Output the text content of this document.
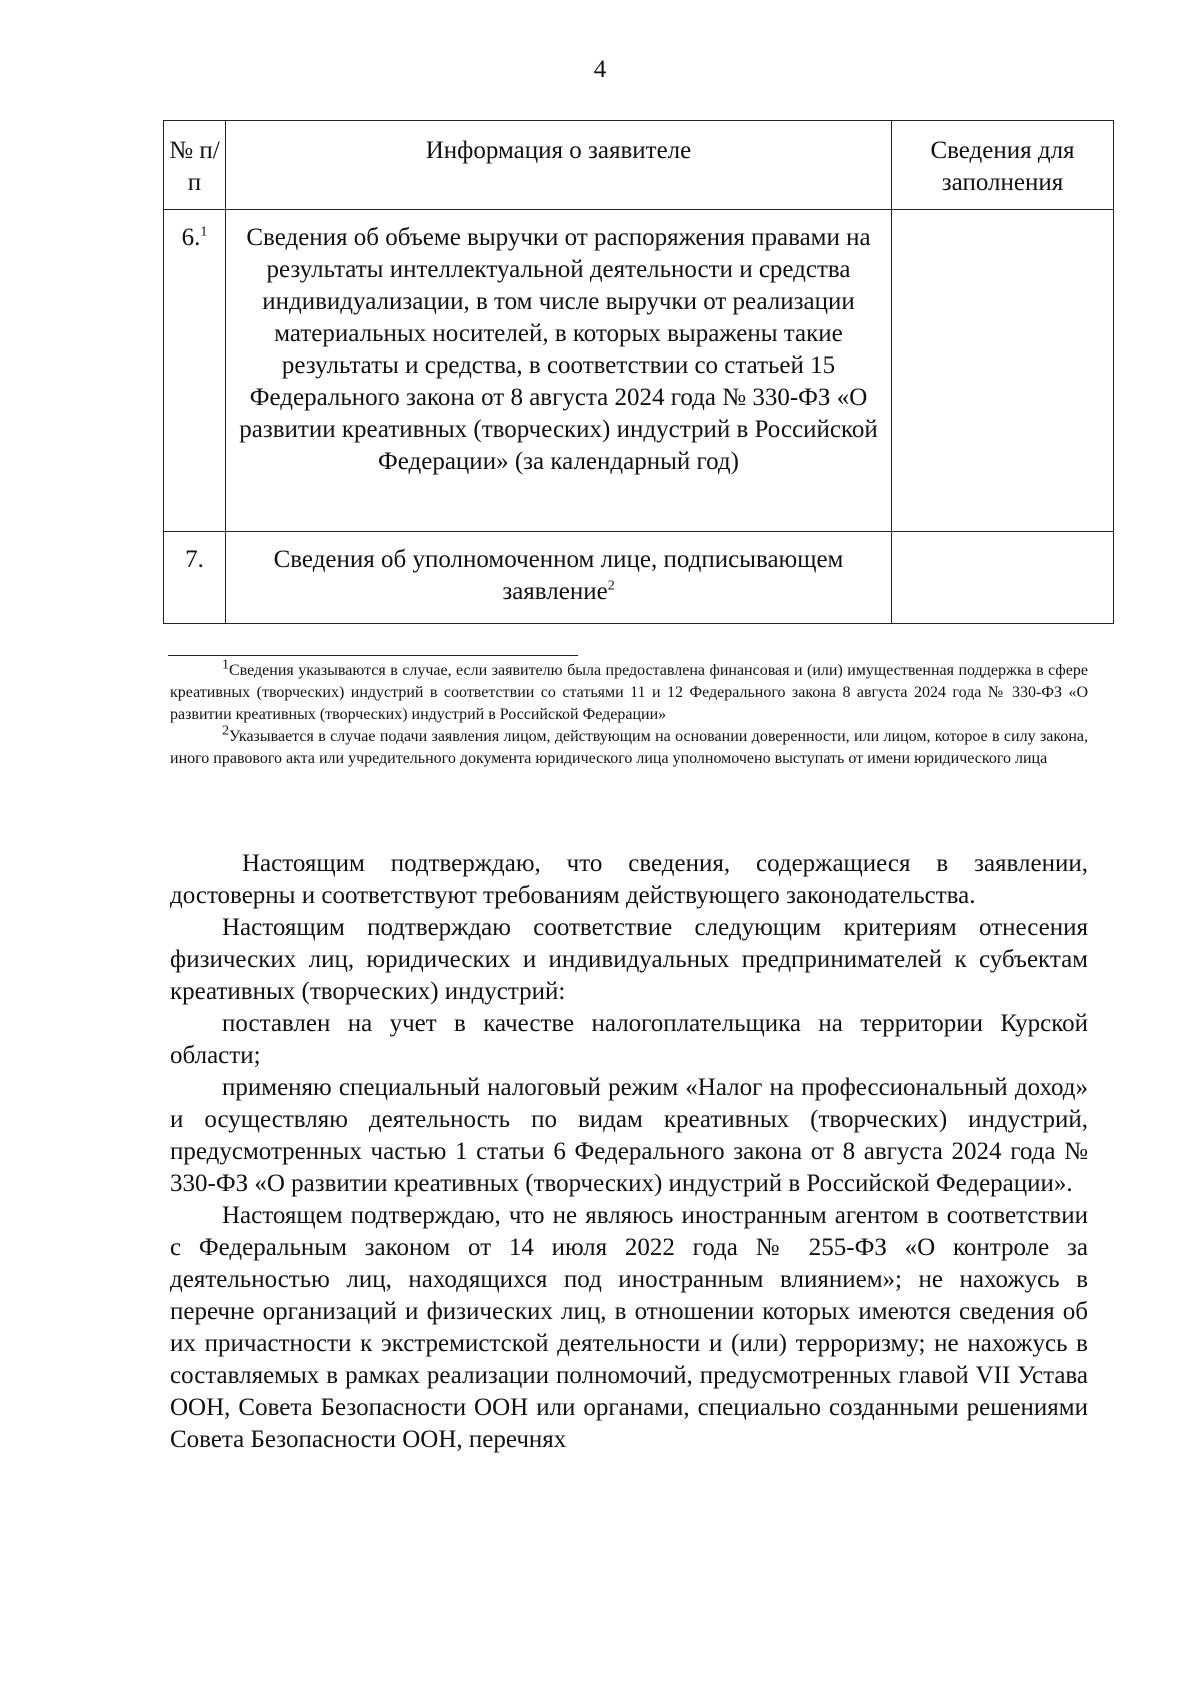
4
№ п/п	Информация о заявителе	Сведения для заполнения
6.$^1$	Сведения об объеме выручки от распоряжения правами на результаты интеллектуальной деятельности и средства индивидуализации, в том числе выручки от реализации материальных носителей, в которых выражены такие результаты и средства, в соответствии со статьей 15 Федерального закона от 8 августа 2024 года № 330-ФЗ «О развитии креативных (творческих) индустрий в Российской Федерации» (за календарный год)	
7.	Сведения об уполномоченном лице, подписывающем заявление$^2$	

$^1$Сведения указываются в случае, если заявителю была предоставлена финансовая и (или) имущественная поддержка в сфере креативных (творческих) индустрий в соответствии со статьями 11 и 12 Федерального закона 8 августа 2024 года № 330-ФЗ «О развитии креативных (творческих) индустрий в Российской Федерации»

$^2$Указывается в случае подачи заявления лицом, действующим на основании доверенности, или лицом, которое в силу закона, иного правового акта или учредительного документа юридического лица уполномочено выступать от имени юридического лица

Настоящим подтверждаю, что сведения, содержащиеся в заявлении, достоверны и соответствуют требованиям действующего законодательства.

Настоящим подтверждаю соответствие следующим критериям отнесения физических лиц, юридических и индивидуальных предпринимателей к субъектам креативных (творческих) индустрий:

поставлен на учет в качестве налогоплательщика на территории Курской области;

применяю специальный налоговый режим «Налог на профессиональный доход» и осуществляю деятельность по видам креативных (творческих) индустрий, предусмотренных частью 1 статьи 6 Федерального закона от 8 августа 2024 года № 330-ФЗ «О развитии креативных (творческих) индустрий в Российской Федерации».

Настоящем подтверждаю, что не являюсь иностранным агентом в соответствии с Федеральным законом от 14 июля 2022 года № 255-ФЗ «О контроле за деятельностью лиц, находящихся под иностранным влиянием»; не нахожусь в перечне организаций и физических лиц, в отношении которых имеются сведения об их причастности к экстремистской деятельности и (или) терроризму; не нахожусь в составляемых в рамках реализации полномочий, предусмотренных главой VII Устава ООН, Совета Безопасности ООН или органами, специально созданными решениями Совета Безопасности ООН, перечнях
